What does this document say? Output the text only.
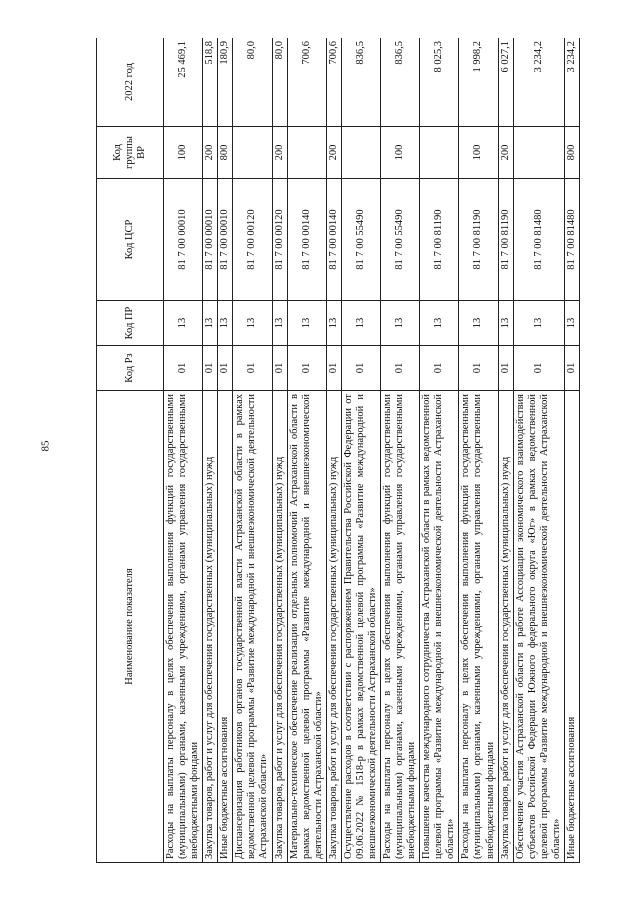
85
Наименование показателя	Код Рз	Код ПР	Код ЦСР	Код группы ВР	2022 год
Расходы на выплаты персоналу в целях обеспечения выполнения функций государственными (муниципальными) органами, казенными учреждениями, органами управления государственными внебюджетными фондами	01	13	81 7 00 00010	100	25 469,1
Закупка товаров, работ и услуг для обеспечения государственных (муниципальных) нужд	01	13	81 7 00 00010	200	518,8
Иные бюджетные ассигнования	01	13	81 7 00 00010	800	180,9
Диспансеризация работников органов государственной власти Астраханской области в рамках ведомственной целевой программы «Развитие международной и внешнеэкономической деятельности Астраханской области»	01	13	81 7 00 00120		80,0
Закупка товаров, работ и услуг для обеспечения государственных (муниципальных) нужд	01	13	81 7 00 00120	200	80,0
Материально-техническое обеспечение реализации отдельных полномочий Астраханской области в рамках ведомственной целевой программы «Развитие международной и внешнеэкономической деятельности Астраханской области»	01	13	81 7 00 00140		700,6
Закупка товаров, работ и услуг для обеспечения государственных (муниципальных) нужд	01	13	81 7 00 00140	200	700,6
Осуществление расходов в соответствии с распоряжением Правительства Российской Федерации от 09.06.2022 № 1518-р в рамках ведомственной целевой программы «Развитие международной и внешнеэкономической деятельности Астраханской области»	01	13	81 7 00 55490		836,5
Расходы на выплаты персоналу в целях обеспечения выполнения функций государственными (муниципальными) органами, казенными учреждениями, органами управления государственными внебюджетными фондами	01	13	81 7 00 55490	100	836,5
Повышение качества международного сотрудничества Астраханской области в рамках ведомственной целевой программы «Развитие международной и внешнеэкономической деятельности Астраханской области»	01	13	81 7 00 81190		8 025,3
Расходы на выплаты персоналу в целях обеспечения выполнения функций государственными (муниципальными) органами, казенными учреждениями, органами управления государственными внебюджетными фондами	01	13	81 7 00 81190	100	1 998,2
Закупка товаров, работ и услуг для обеспечения государственных (муниципальных) нужд	01	13	81 7 00 81190	200	6 027,1
Обеспечение участия Астраханской области в работе Ассоциации экономического взаимодействия субъектов Российской Федерации Южного федерального округа «Юг» в рамках ведомственной целевой программы «Развитие международной и внешнеэкономической деятельности Астраханской области»	01	13	81 7 00 81480		3 234,2
Иные бюджетные ассигнования	01	13	81 7 00 81480	800	3 234,2
